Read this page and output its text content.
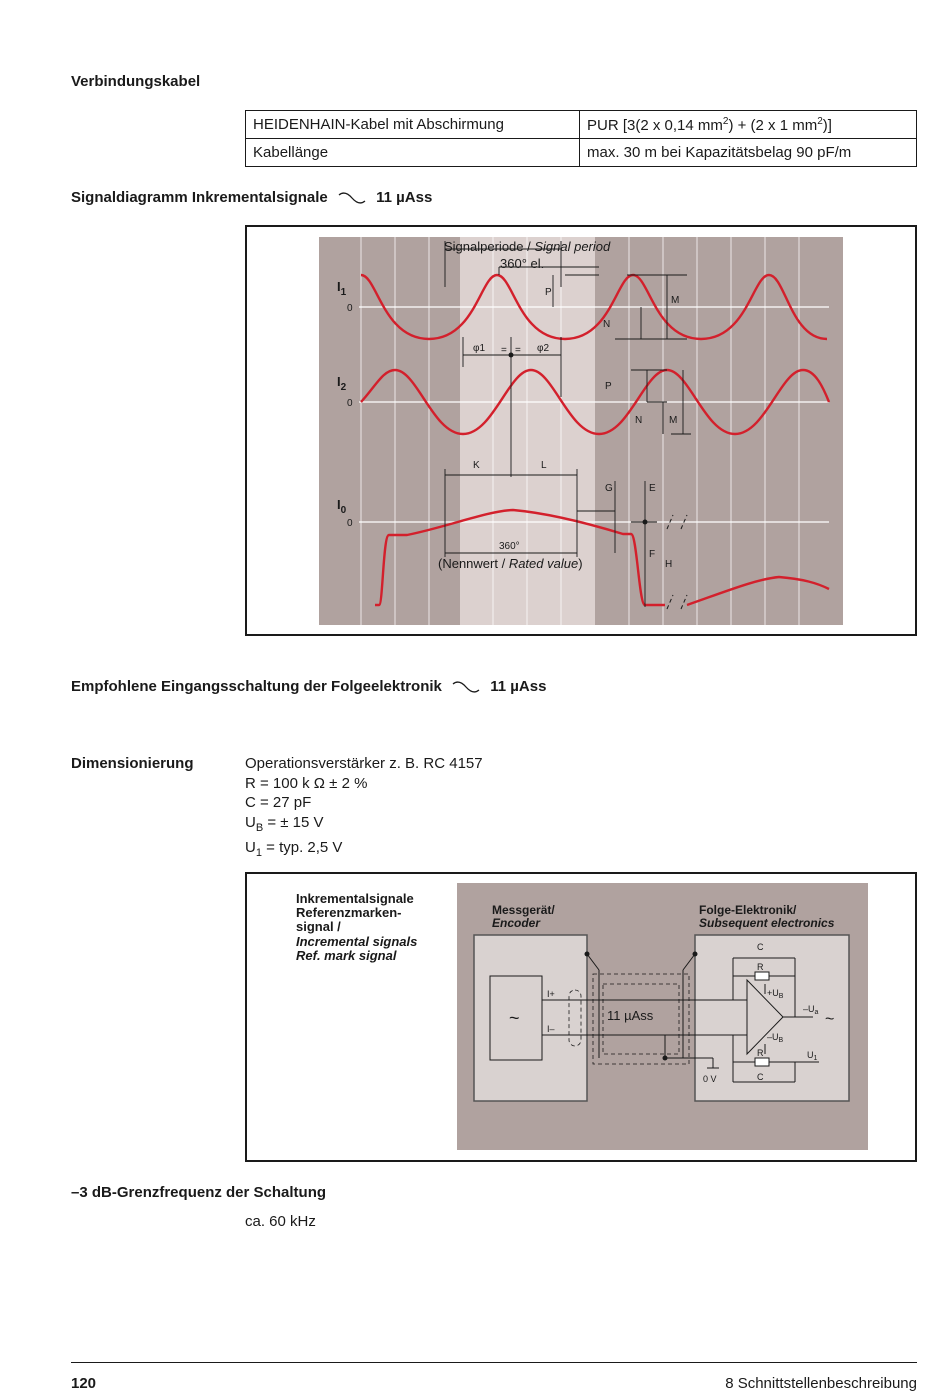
Verbindungskabel
HEIDENHAIN-Kabel mit Abschirmung	PUR [3(2 x 0,14 $mm^2) + (2$ x 1 $mm^2$)]
Kabellänge	max. 30 m bei Kapazitätsbelag 90 pF/m
Signaldiagramm Inkrementalsignale	11 µAss
Signalperiode / Signal period
360° el.
$I_1$
0
$I_2$
0
$I_0$
0
P
M
N
φ1 = = φ2
P
N	M
K	L
G	E
F
H
360°
(Nennwert / Rated value)
Empfohlene Eingangsschaltung der Folgeelektronik	11 µAss
Dimensionierung	Operationsverstärker z. B. RC 4157
R = 100 k Ω ± 2 %
C = 27 pF
$U_B$ = ± 15 V
$U_1$ = typ. 2,5 V
Inkrementalsignale Referenzmarken- signal / Incremental signals Ref. mark signal
Messgerät/ Encoder
Folge-Elektronik/ Subsequent electronics
~
I+
I–
11 µAss
C
R
R
C
$+U_B$
$-U_B$
$-U_a$ ~
$U_1$
0 V
–3 dB-Grenzfrequenz der Schaltung
ca. 60 kHz
120	8 Schnittstellenbeschreibung
